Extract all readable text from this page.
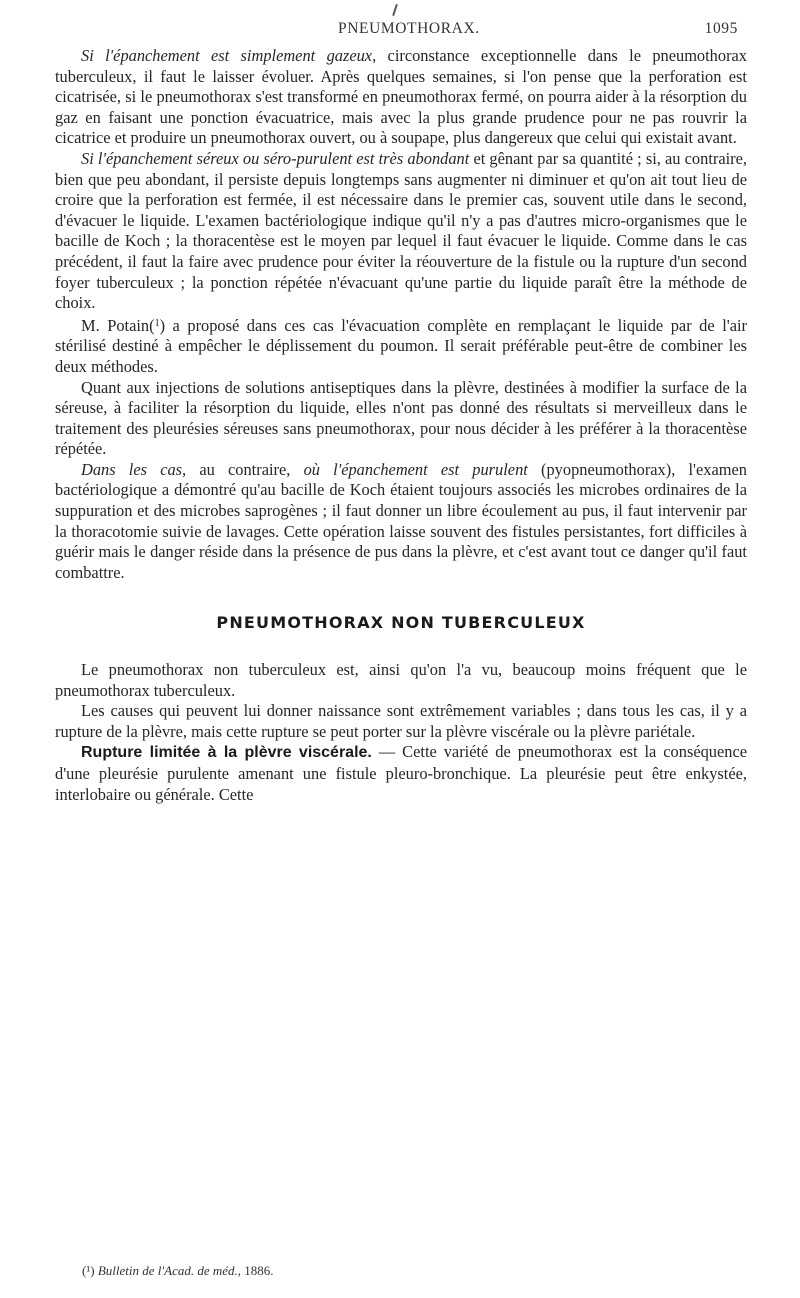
PNEUMOTHORAX.	1095

Si l'épanchement est simplement gazeux, circonstance exceptionnelle dans le pneumothorax tuberculeux, il faut le laisser évoluer. Après quelques semaines, si l'on pense que la perforation est cicatrisée, si le pneumothorax s'est transformé en pneumothorax fermé, on pourra aider à la résorption du gaz en faisant une ponction évacuatrice, mais avec la plus grande prudence pour ne pas rouvrir la cicatrice et produire un pneumothorax ouvert, ou à soupape, plus dangereux que celui qui existait avant.

Si l'épanchement séreux ou séro-purulent est très abondant et gênant par sa quantité ; si, au contraire, bien que peu abondant, il persiste depuis longtemps sans augmenter ni diminuer et qu'on ait tout lieu de croire que la perforation est fermée, il est nécessaire dans le premier cas, souvent utile dans le second, d'évacuer le liquide. L'examen bactériologique indique qu'il n'y a pas d'autres micro-organismes que le bacille de Koch ; la thoracentèse est le moyen par lequel il faut évacuer le liquide. Comme dans le cas précédent, il faut la faire avec prudence pour éviter la réouverture de la fistule ou la rupture d'un second foyer tuberculeux ; la ponction répétée n'évacuant qu'une partie du liquide paraît être la méthode de choix.

M. Potain($^1$) a proposé dans ces cas l'évacuation complète en remplaçant le liquide par de l'air stérilisé destiné à empêcher le déplissement du poumon. Il serait préférable peut-être de combiner les deux méthodes.

Quant aux injections de solutions antiseptiques dans la plèvre, destinées à modifier la surface de la séreuse, à faciliter la résorption du liquide, elles n'ont pas donné des résultats si merveilleux dans le traitement des pleurésies séreuses sans pneumothorax, pour nous décider à les préférer à la thoracentèse répétée.

Dans les cas, au contraire, où l'épanchement est purulent (pyopneumothorax), l'examen bactériologique a démontré qu'au bacille de Koch étaient toujours associés les microbes ordinaires de la suppuration et des microbes saprogènes ; il faut donner un libre écoulement au pus, il faut intervenir par la thoracotomie suivie de lavages. Cette opération laisse souvent des fistules persistantes, fort difficiles à guérir mais le danger réside dans la présence de pus dans la plèvre, et c'est avant tout ce danger qu'il faut combattre.

PNEUMOTHORAX NON TUBERCULEUX

Le pneumothorax non tuberculeux est, ainsi qu'on l'a vu, beaucoup moins fréquent que le pneumothorax tuberculeux.

Les causes qui peuvent lui donner naissance sont extrêmement variables ; dans tous les cas, il y a rupture de la plèvre, mais cette rupture se peut porter sur la plèvre viscérale ou la plèvre pariétale.

Rupture limitée à la plèvre viscérale. — Cette variété de pneumothorax est la conséquence d'une pleurésie purulente amenant une fistule pleuro-bronchique. La pleurésie peut être enkystée, interlobaire ou générale. Cette

(¹) Bulletin de l'Acad. de méd., 1886.
